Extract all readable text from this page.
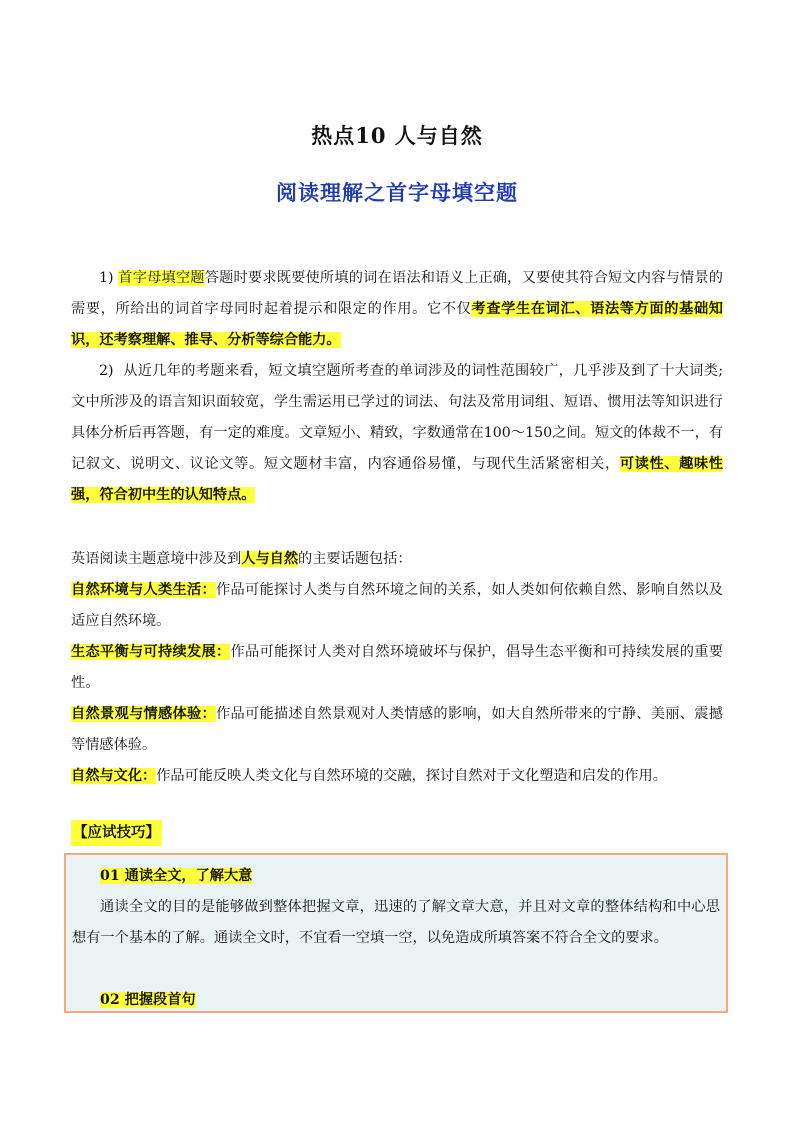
热点10 人与自然
阅读理解之首字母填空题

1) 首字母填空题答题时要求既要使所填的词在语法和语义上正确，又要使其符合短文内容与情景的需要，所给出的词首字母同时起着提示和限定的作用。它不仅考查学生在词汇、语法等方面的基础知识，还考察理解、推导、分析等综合能力。

2) 从近几年的考题来看，短文填空题所考查的单词涉及的词性范围较广，几乎涉及到了十大词类;文中所涉及的语言知识面较宽，学生需运用已学过的词法、句法及常用词组、短语、惯用法等知识进行具体分析后再答题，有一定的难度。文章短小、精致，字数通常在100～150之间。短文的体裁不一，有记叙文、说明文、议论文等。短文题材丰富，内容通俗易懂，与现代生活紧密相关，可读性、趣味性强，符合初中生的认知特点。

英语阅读主题意境中涉及到人与自然的主要话题包括：

自然环境与人类生活：作品可能探讨人类与自然环境之间的关系，如人类如何依赖自然、影响自然以及适应自然环境。

生态平衡与可持续发展：作品可能探讨人类对自然环境破坏与保护，倡导生态平衡和可持续发展的重要性。

自然景观与情感体验：作品可能描述自然景观对人类情感的影响，如大自然所带来的宁静、美丽、震撼等情感体验。

自然与文化：作品可能反映人类文化与自然环境的交融，探讨自然对于文化塑造和启发的作用。

【应试技巧】

01 通读全文，了解大意

通读全文的目的是能够做到整体把握文章，迅速的了解文章大意，并且对文章的整体结构和中心思想有一个基本的了解。通读全文时，不宜看一空填一空，以免造成所填答案不符合全文的要求。

02 把握段首句
